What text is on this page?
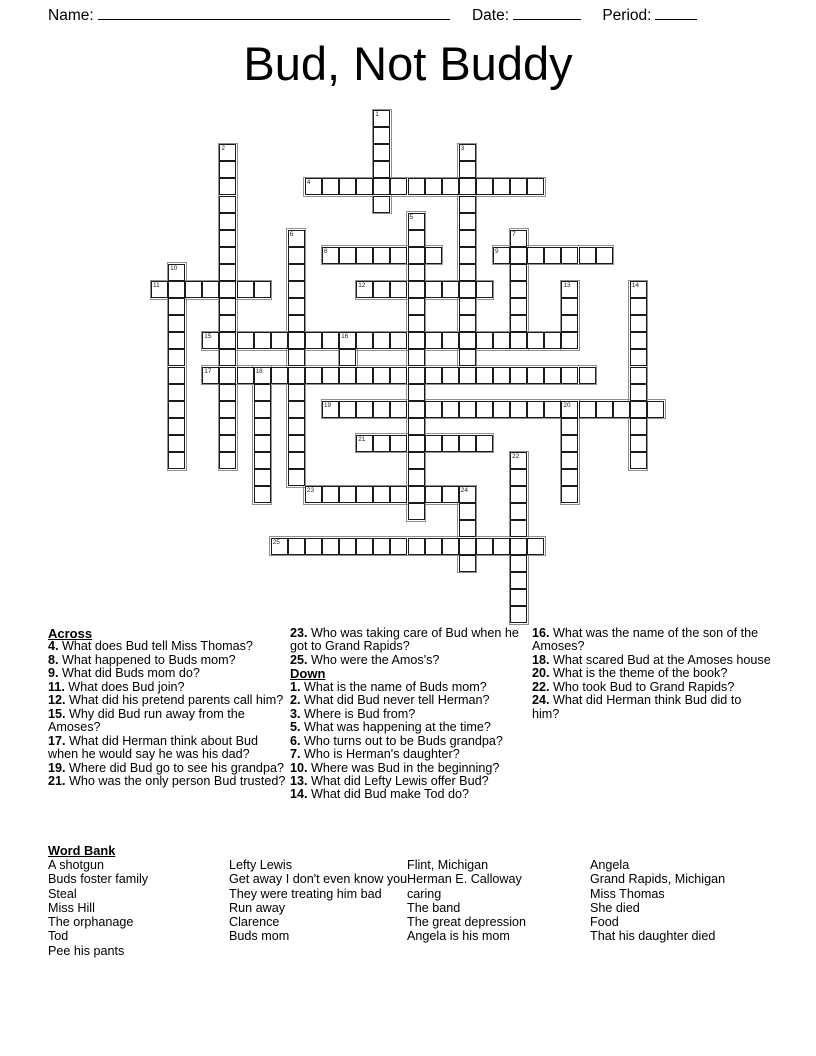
Name:	Date:	Period:
Bud, Not Buddy
1
2	3
4
5
6	7
8	9
10
11	12	13	14
15	16
17	18
19	20
21
22
23	24
25
Across
4. What does Bud tell Miss Thomas?
8. What happened to Buds mom?
9. What did Buds mom do?
11. What does Bud join?
12. What did his pretend parents call him?
15. Why did Bud run away from the Amoses?
17. What did Herman think about Bud when he would say he was his dad?
19. Where did Bud go to see his grandpa?
21. Who was the only person Bud trusted?
23. Who was taking care of Bud when he got to Grand Rapids?
25. Who were the Amos's?
Down
1. What is the name of Buds mom?
2. What did Bud never tell Herman?
3. Where is Bud from?
5. What was happening at the time?
6. Who turns out to be Buds grandpa?
7. Who is Herman's daughter?
10. Where was Bud in the beginning?
13. What did Lefty Lewis offer Bud?
14. What did Bud make Tod do?
16. What was the name of the son of the Amoses?
18. What scared Bud at the Amoses house
20. What is the theme of the book?
22. Who took Bud to Grand Rapids?
24. What did Herman think Bud did to him?
Word Bank
A shotgun
Buds foster family
Steal
Miss Hill
The orphanage
Tod
Pee his pants
Lefty Lewis
Get away I don't even know you
They were treating him bad
Run away
Clarence
Buds mom
Flint, Michigan
Herman E. Calloway
caring
The band
The great depression
Angela is his mom
Angela
Grand Rapids, Michigan
Miss Thomas
She died
Food
That his daughter died
